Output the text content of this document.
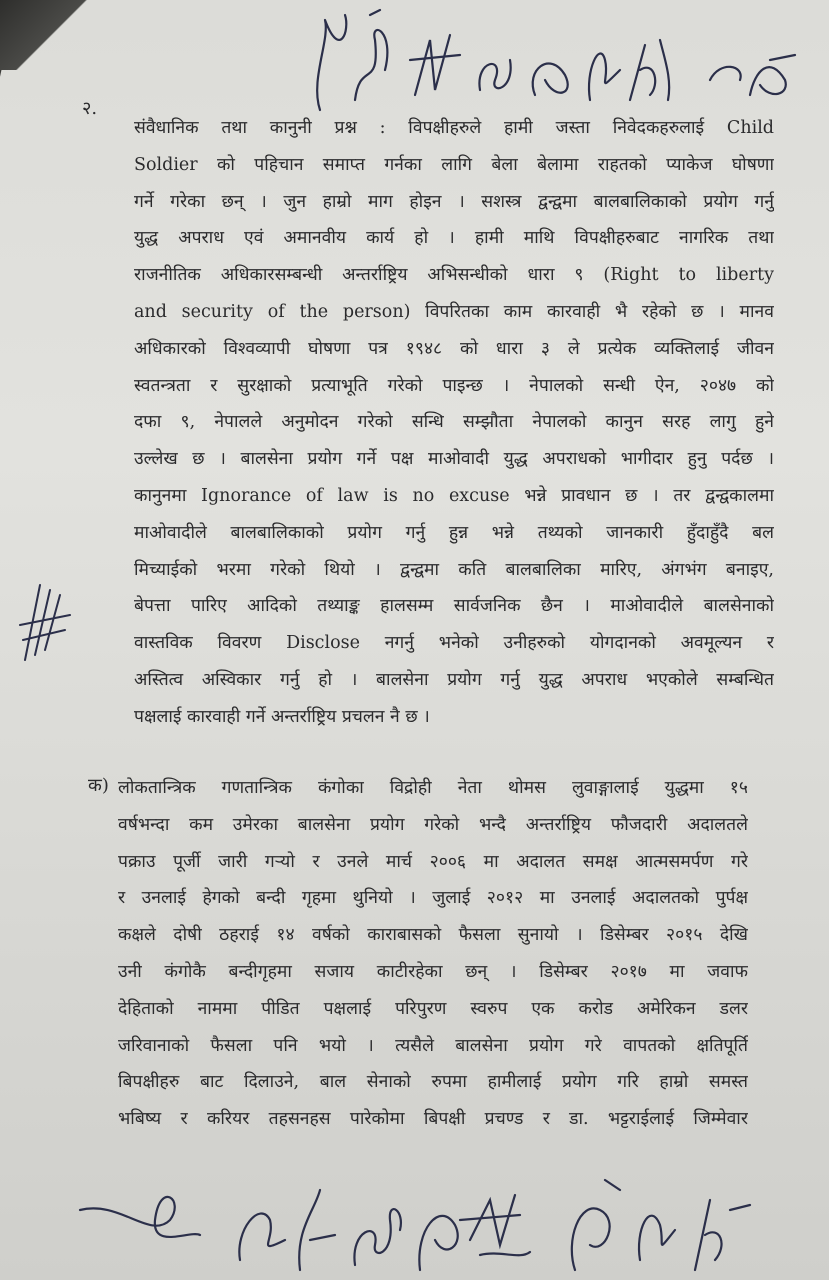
२.
क)
संवैधानिक तथा कानुनी प्रश्न : विपक्षीहरुले हामी जस्ता निवेदकहरुलाई Child
Soldier को पहिचान समाप्त गर्नका लागि बेला बेलामा राहतको प्याकेज घोषणा
गर्ने गरेका छन् । जुन हाम्रो माग होइन । सशस्त्र द्वन्द्वमा बालबालिकाको प्रयोग गर्नु
युद्ध अपराध एवं अमानवीय कार्य हो । हामी माथि विपक्षीहरुबाट नागरिक तथा
राजनीतिक अधिकारसम्बन्धी अन्तर्राष्ट्रिय अभिसन्धीको धारा ९ (Right to liberty
and security of the person) विपरितका काम कारवाही भै रहेको छ । मानव
अधिकारको विश्वव्यापी घोषणा पत्र १९४८ को धारा ३ ले प्रत्येक व्यक्तिलाई जीवन
स्वतन्त्रता र सुरक्षाको प्रत्याभूति गरेको पाइन्छ । नेपालको सन्धी ऐन, २०४७ को
दफा ९, नेपालले अनुमोदन गरेको सन्धि सम्झौता नेपालको कानुन सरह लागु हुने
उल्लेख छ । बालसेना प्रयोग गर्ने पक्ष माओवादी युद्ध अपराधको भागीदार हुनु पर्दछ ।
कानुनमा Ignorance of law is no excuse भन्ने प्रावधान छ । तर द्वन्द्वकालमा
माओवादीले बालबालिकाको प्रयोग गर्नु हुन्न भन्ने तथ्यको जानकारी हुँदाहुँदै बल
मिच्याईको भरमा गरेको थियो । द्वन्द्वमा कति बालबालिका मारिए, अंगभंग बनाइए,
बेपत्ता पारिए आदिको तथ्याङ्क हालसम्म सार्वजनिक छैन । माओवादीले बालसेनाको
वास्तविक विवरण Disclose नगर्नु भनेको उनीहरुको योगदानको अवमूल्यन र
अस्तित्व अस्विकार गर्नु हो । बालसेना प्रयोग गर्नु युद्ध अपराध भएकोले सम्बन्धित
पक्षलाई कारवाही गर्ने अन्तर्राष्ट्रिय प्रचलन नै छ ।
लोकतान्त्रिक गणतान्त्रिक कंगोका विद्रोही नेता थोमस लुवाङ्गालाई युद्धमा १५
वर्षभन्दा कम उमेरका बालसेना प्रयोग गरेको भन्दै अन्तर्राष्ट्रिय फौजदारी अदालतले
पक्राउ पूर्जी जारी गर्‍यो र उनले मार्च २००६ मा अदालत समक्ष आत्मसमर्पण गरे
र उनलाई हेगको बन्दी गृहमा थुनियो । जुलाई २०१२ मा उनलाई अदालतको पुर्पक्ष
कक्षले दोषी ठहराई १४ वर्षको काराबासको फैसला सुनायो । डिसेम्बर २०१५ देखि
उनी कंगोकै बन्दीगृहमा सजाय काटीरहेका छन् । डिसेम्बर २०१७ मा जवाफ
देहिताको नाममा पीडित पक्षलाई परिपुरण स्वरुप एक करोड अमेरिकन डलर
जरिवानाको फैसला पनि भयो । त्यसैले बालसेना प्रयोग गरे वापतको क्षतिपूर्ति
बिपक्षीहरु बाट दिलाउने, बाल सेनाको रुपमा हामीलाई प्रयोग गरि हाम्रो समस्त
भबिष्य र करियर तहसनहस पारेकोमा बिपक्षी प्रचण्ड र डा. भट्टराईलाई जिम्मेवार
